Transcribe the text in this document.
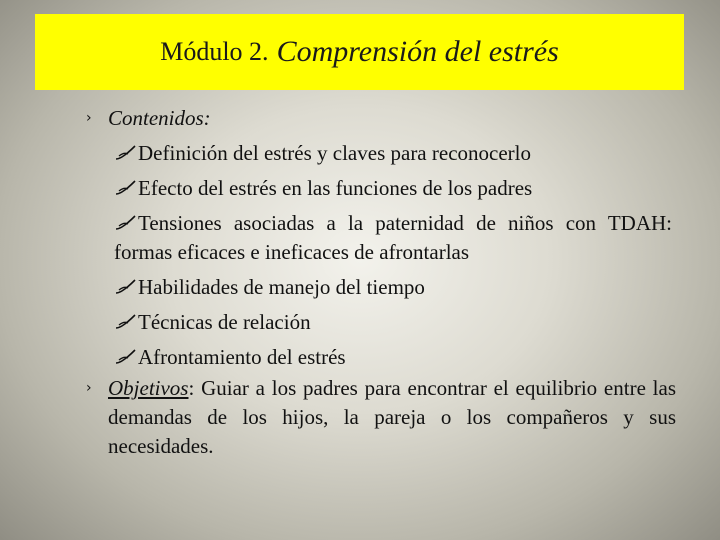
Módulo 2. Comprensión del estrés
› Contenidos:
Definición del estrés y claves para reconocerlo
Efecto del estrés en las funciones de los padres
Tensiones asociadas a la paternidad de niños con TDAH: formas eficaces e ineficaces de afrontarlas
Habilidades de manejo del tiempo
Técnicas de relación
Afrontamiento del estrés
› Objetivos: Guiar a los padres para encontrar el equilibrio entre las demandas de los hijos, la pareja o los compañeros y sus necesidades.
